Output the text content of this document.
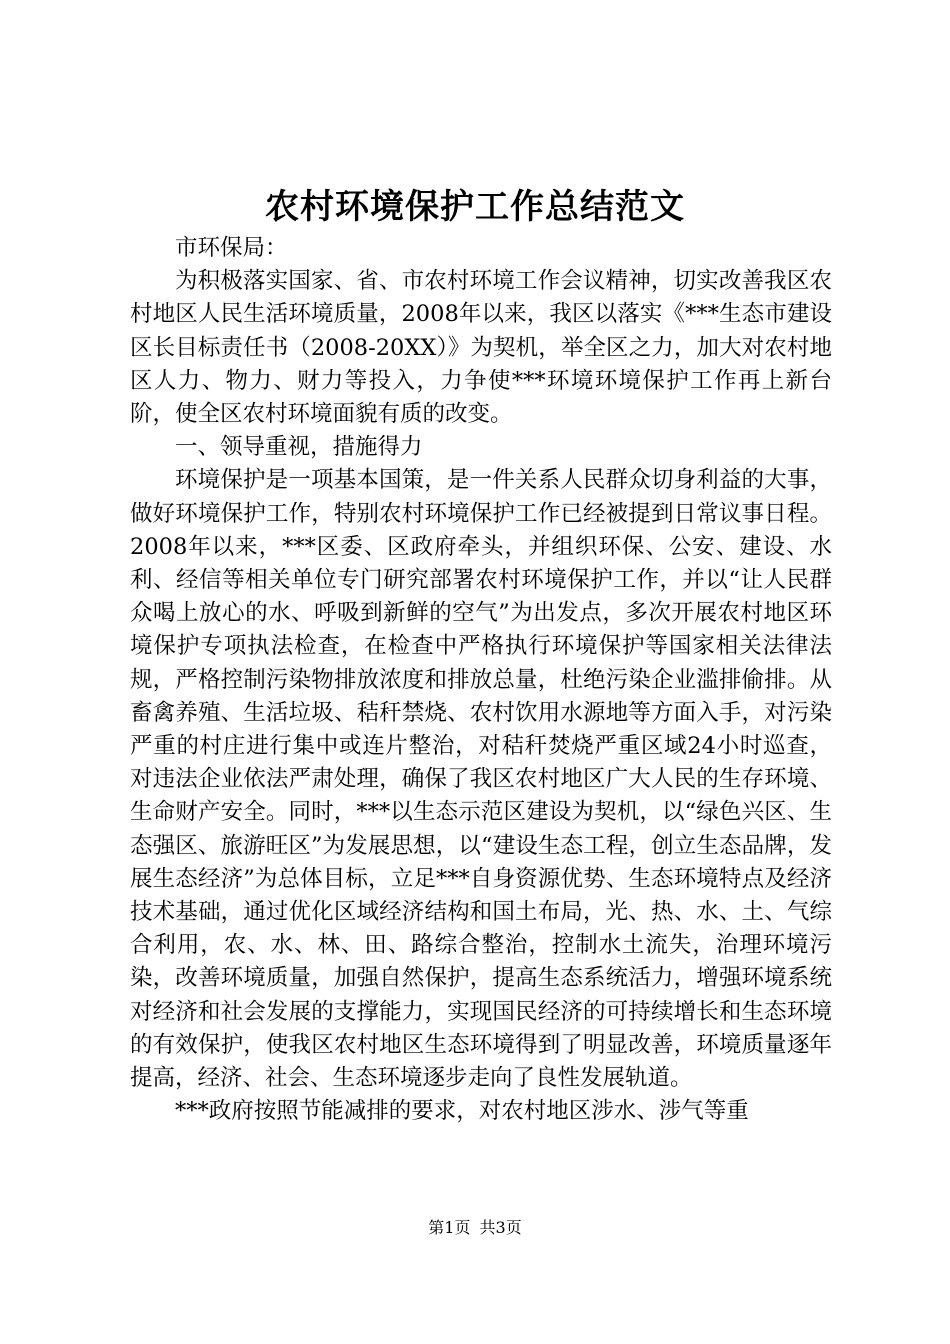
农村环境保护工作总结范文

市环保局：

为积极落实国家、省、市农村环境工作会议精神，切实改善我区农村地区人民生活环境质量，2008年以来，我区以落实《***生态市建设区长目标责任书（2008-20XX）》为契机，举全区之力，加大对农村地区人力、物力、财力等投入，力争使***环境环境保护工作再上新台阶，使全区农村环境面貌有质的改变。

一、领导重视，措施得力

环境保护是一项基本国策，是一件关系人民群众切身利益的大事，做好环境保护工作，特别农村环境保护工作已经被提到日常议事日程。2008年以来，***区委、区政府牵头，并组织环保、公安、建设、水利、经信等相关单位专门研究部署农村环境保护工作，并以“让人民群众喝上放心的水、呼吸到新鲜的空气”为出发点，多次开展农村地区环境保护专项执法检查，在检查中严格执行环境保护等国家相关法律法规，严格控制污染物排放浓度和排放总量，杜绝污染企业滥排偷排。从畜禽养殖、生活垃圾、秸秆禁烧、农村饮用水源地等方面入手，对污染严重的村庄进行集中或连片整治，对秸秆焚烧严重区域24小时巡查，对违法企业依法严肃处理，确保了我区农村地区广大人民的生存环境、生命财产安全。同时，***以生态示范区建设为契机，以“绿色兴区、生态强区、旅游旺区”为发展思想，以“建设生态工程，创立生态品牌，发展生态经济”为总体目标，立足***自身资源优势、生态环境特点及经济技术基础，通过优化区域经济结构和国土布局，光、热、水、土、气综合利用，农、水、林、田、路综合整治，控制水土流失，治理环境污染，改善环境质量，加强自然保护，提高生态系统活力，增强环境系统对经济和社会发展的支撑能力，实现国民经济的可持续增长和生态环境的有效保护，使我区农村地区生态环境得到了明显改善，环境质量逐年提高，经济、社会、生态环境逐步走向了良性发展轨道。

***政府按照节能减排的要求，对农村地区涉水、涉气等重

第1页 共3页
